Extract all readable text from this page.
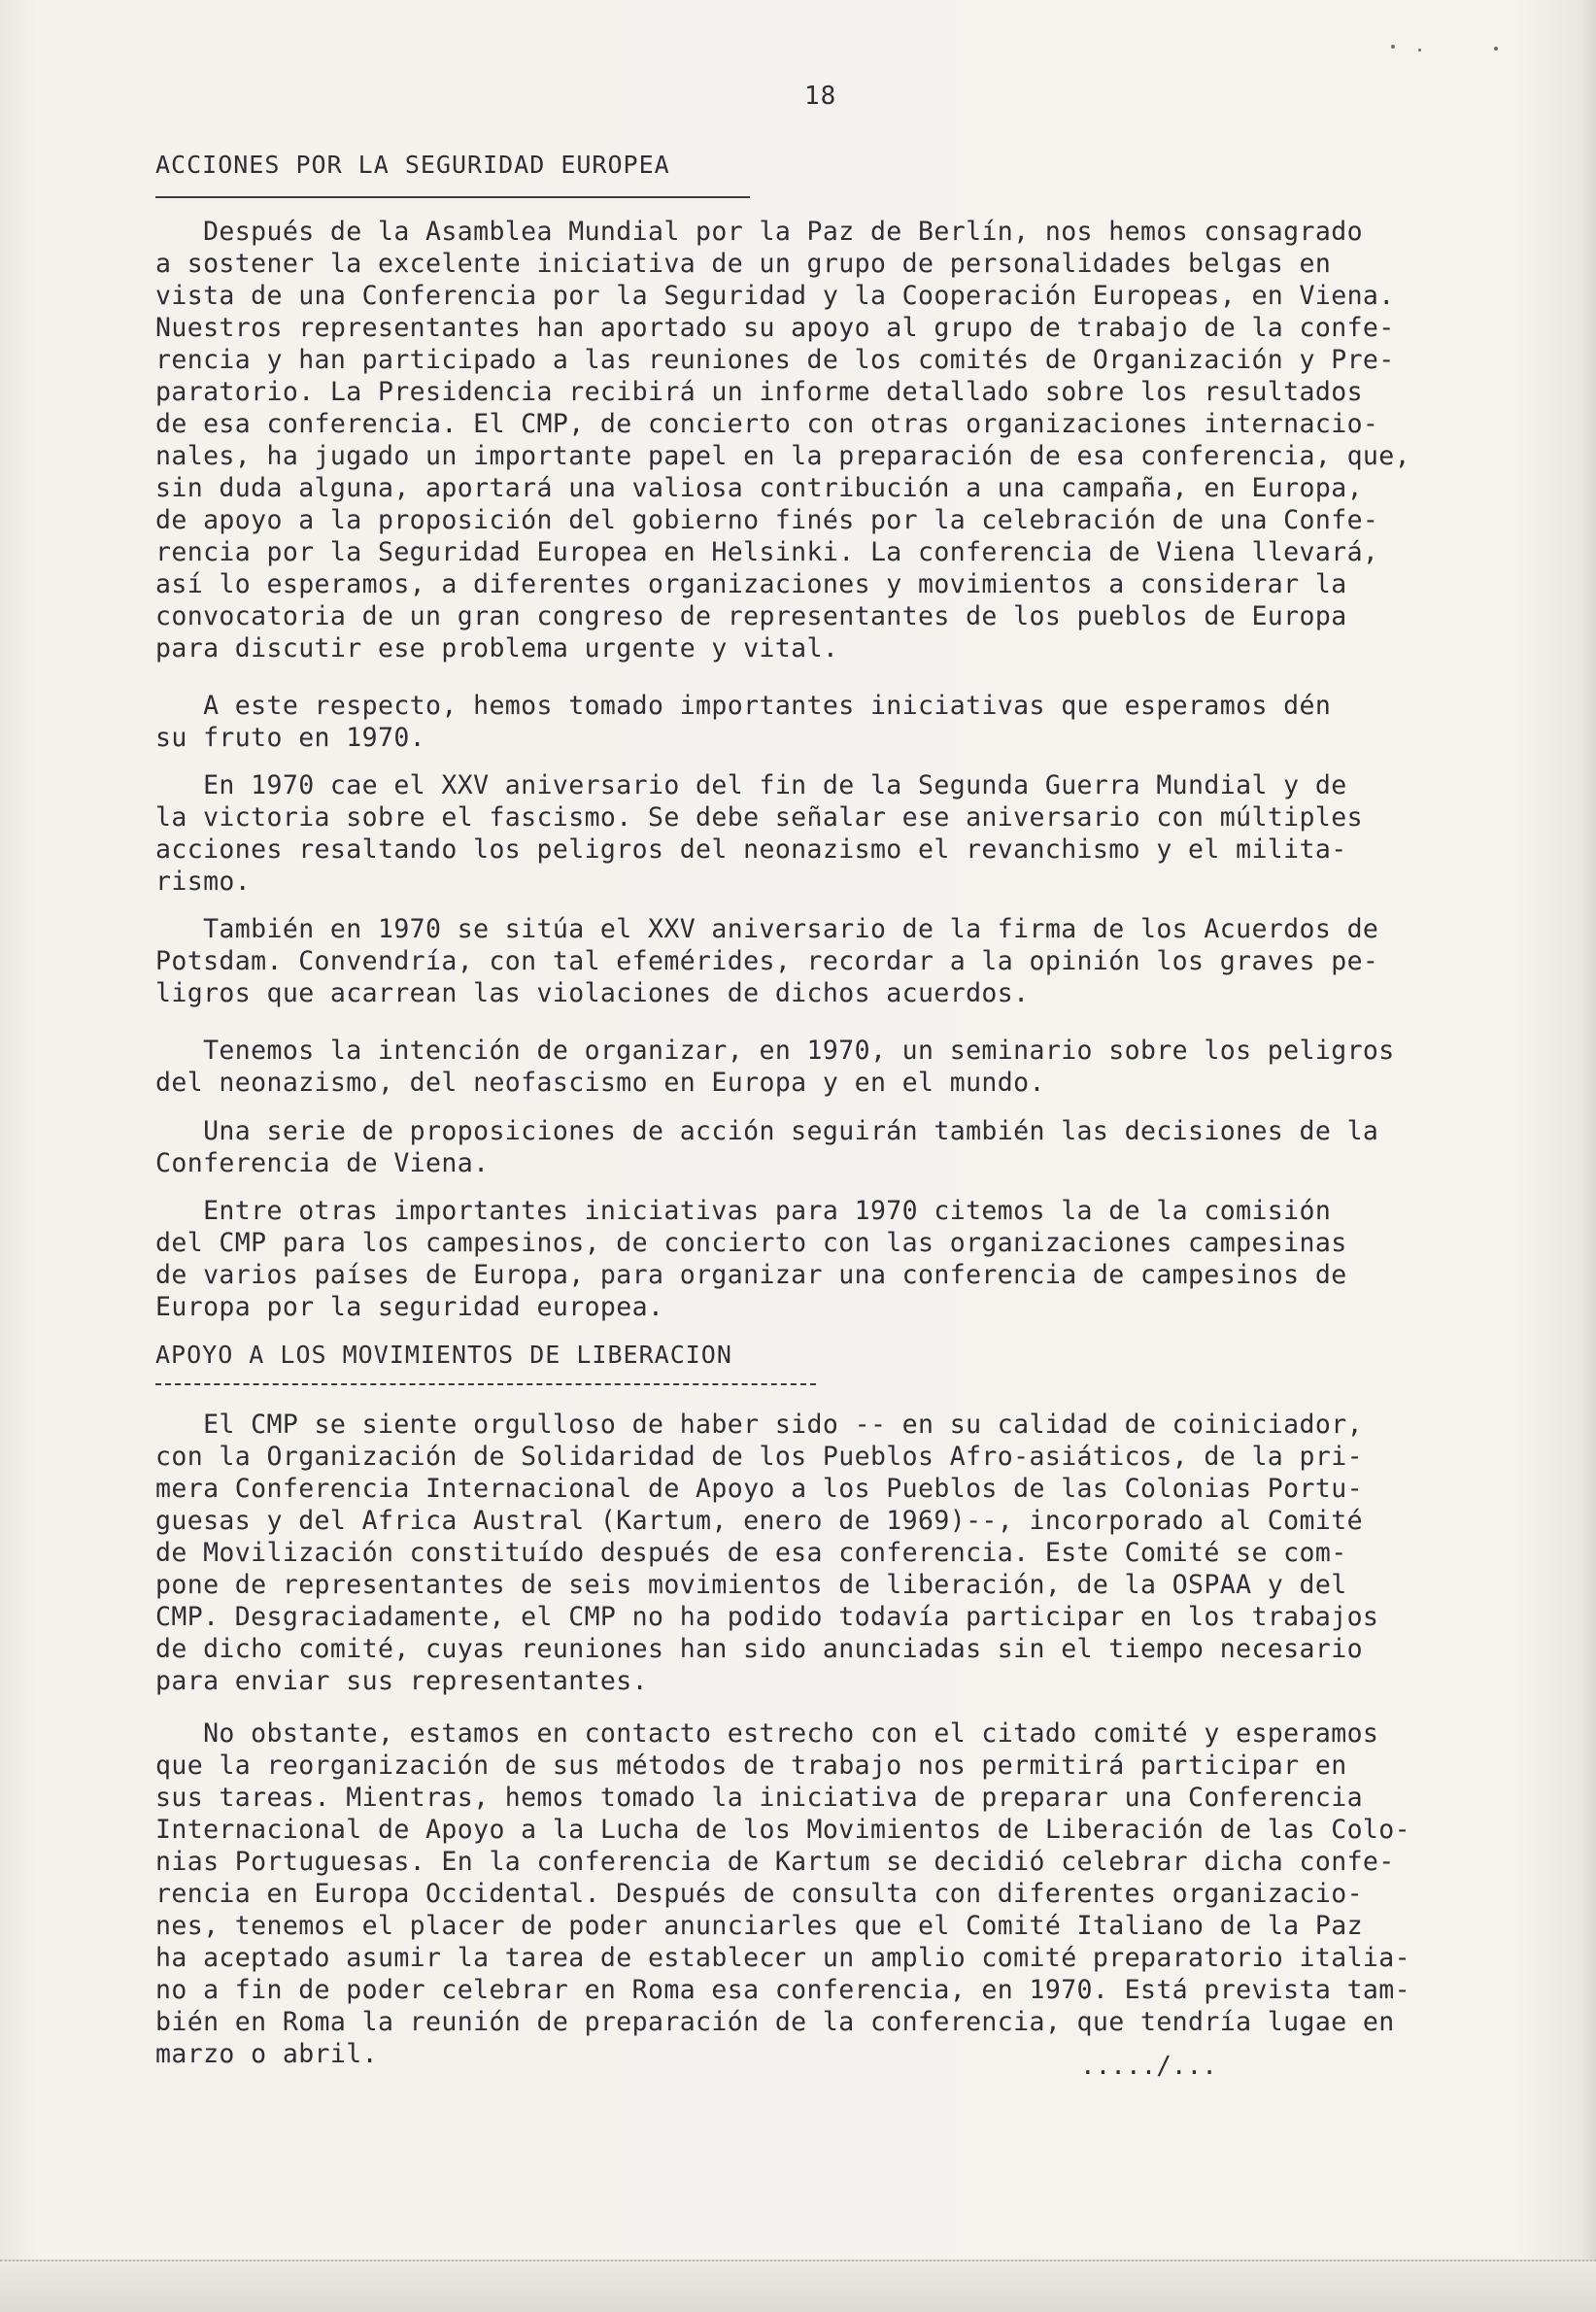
18
ACCIONES POR LA SEGURIDAD EUROPEA
Después de la Asamblea Mundial por la Paz de Berlín, nos hemos consagrado
a sostener la excelente iniciativa de un grupo de personalidades belgas en
vista de una Conferencia por la Seguridad y la Cooperación Europeas, en Viena.
Nuestros representantes han aportado su apoyo al grupo de trabajo de la confe-
rencia y han participado a las reuniones de los comités de Organización y Pre-
paratorio. La Presidencia recibirá un informe detallado sobre los resultados
de esa conferencia. El CMP, de concierto con otras organizaciones internacio-
nales, ha jugado un importante papel en la preparación de esa conferencia, que,
sin duda alguna, aportará una valiosa contribución a una campaña, en Europa,
de apoyo a la proposición del gobierno finés por la celebración de una Confe-
rencia por la Seguridad Europea en Helsinki. La conferencia de Viena llevará,
así lo esperamos, a diferentes organizaciones y movimientos a considerar la
convocatoria de un gran congreso de representantes de los pueblos de Europa
para discutir ese problema urgente y vital.
A este respecto, hemos tomado importantes iniciativas que esperamos dén
su fruto en 1970.
En 1970 cae el XXV aniversario del fin de la Segunda Guerra Mundial y de
la victoria sobre el fascismo. Se debe señalar ese aniversario con múltiples
acciones resaltando los peligros del neonazismo el revanchismo y el milita-
rismo.
También en 1970 se sitúa el XXV aniversario de la firma de los Acuerdos de
Potsdam. Convendría, con tal efemérides, recordar a la opinión los graves pe-
ligros que acarrean las violaciones de dichos acuerdos.
Tenemos la intención de organizar, en 1970, un seminario sobre los peligros
del neonazismo, del neofascismo en Europa y en el mundo.
Una serie de proposiciones de acción seguirán también las decisiones de la
Conferencia de Viena.
Entre otras importantes iniciativas para 1970 citemos la de la comisión
del CMP para los campesinos, de concierto con las organizaciones campesinas
de varios países de Europa, para organizar una conferencia de campesinos de
Europa por la seguridad europea.
APOYO A LOS MOVIMIENTOS DE LIBERACION
El CMP se siente orgulloso de haber sido -- en su calidad de coiniciador,
con la Organización de Solidaridad de los Pueblos Afro-asiáticos, de la pri-
mera Conferencia Internacional de Apoyo a los Pueblos de las Colonias Portu-
guesas y del Africa Austral (Kartum, enero de 1969)--, incorporado al Comité
de Movilización constituído después de esa conferencia. Este Comité se com-
pone de representantes de seis movimientos de liberación, de la OSPAA y del
CMP. Desgraciadamente, el CMP no ha podido todavía participar en los trabajos
de dicho comité, cuyas reuniones han sido anunciadas sin el tiempo necesario
para enviar sus representantes.
No obstante, estamos en contacto estrecho con el citado comité y esperamos
que la reorganización de sus métodos de trabajo nos permitirá participar en
sus tareas. Mientras, hemos tomado la iniciativa de preparar una Conferencia
Internacional de Apoyo a la Lucha de los Movimientos de Liberación de las Colo-
nias Portuguesas. En la conferencia de Kartum se decidió celebrar dicha confe-
rencia en Europa Occidental. Después de consulta con diferentes organizacio-
nes, tenemos el placer de poder anunciarles que el Comité Italiano de la Paz
ha aceptado asumir la tarea de establecer un amplio comité preparatorio italia-
no a fin de poder celebrar en Roma esa conferencia, en 1970. Está prevista tam-
bién en Roma la reunión de preparación de la conferencia, que tendría lugae en
marzo o abril.	...../...
